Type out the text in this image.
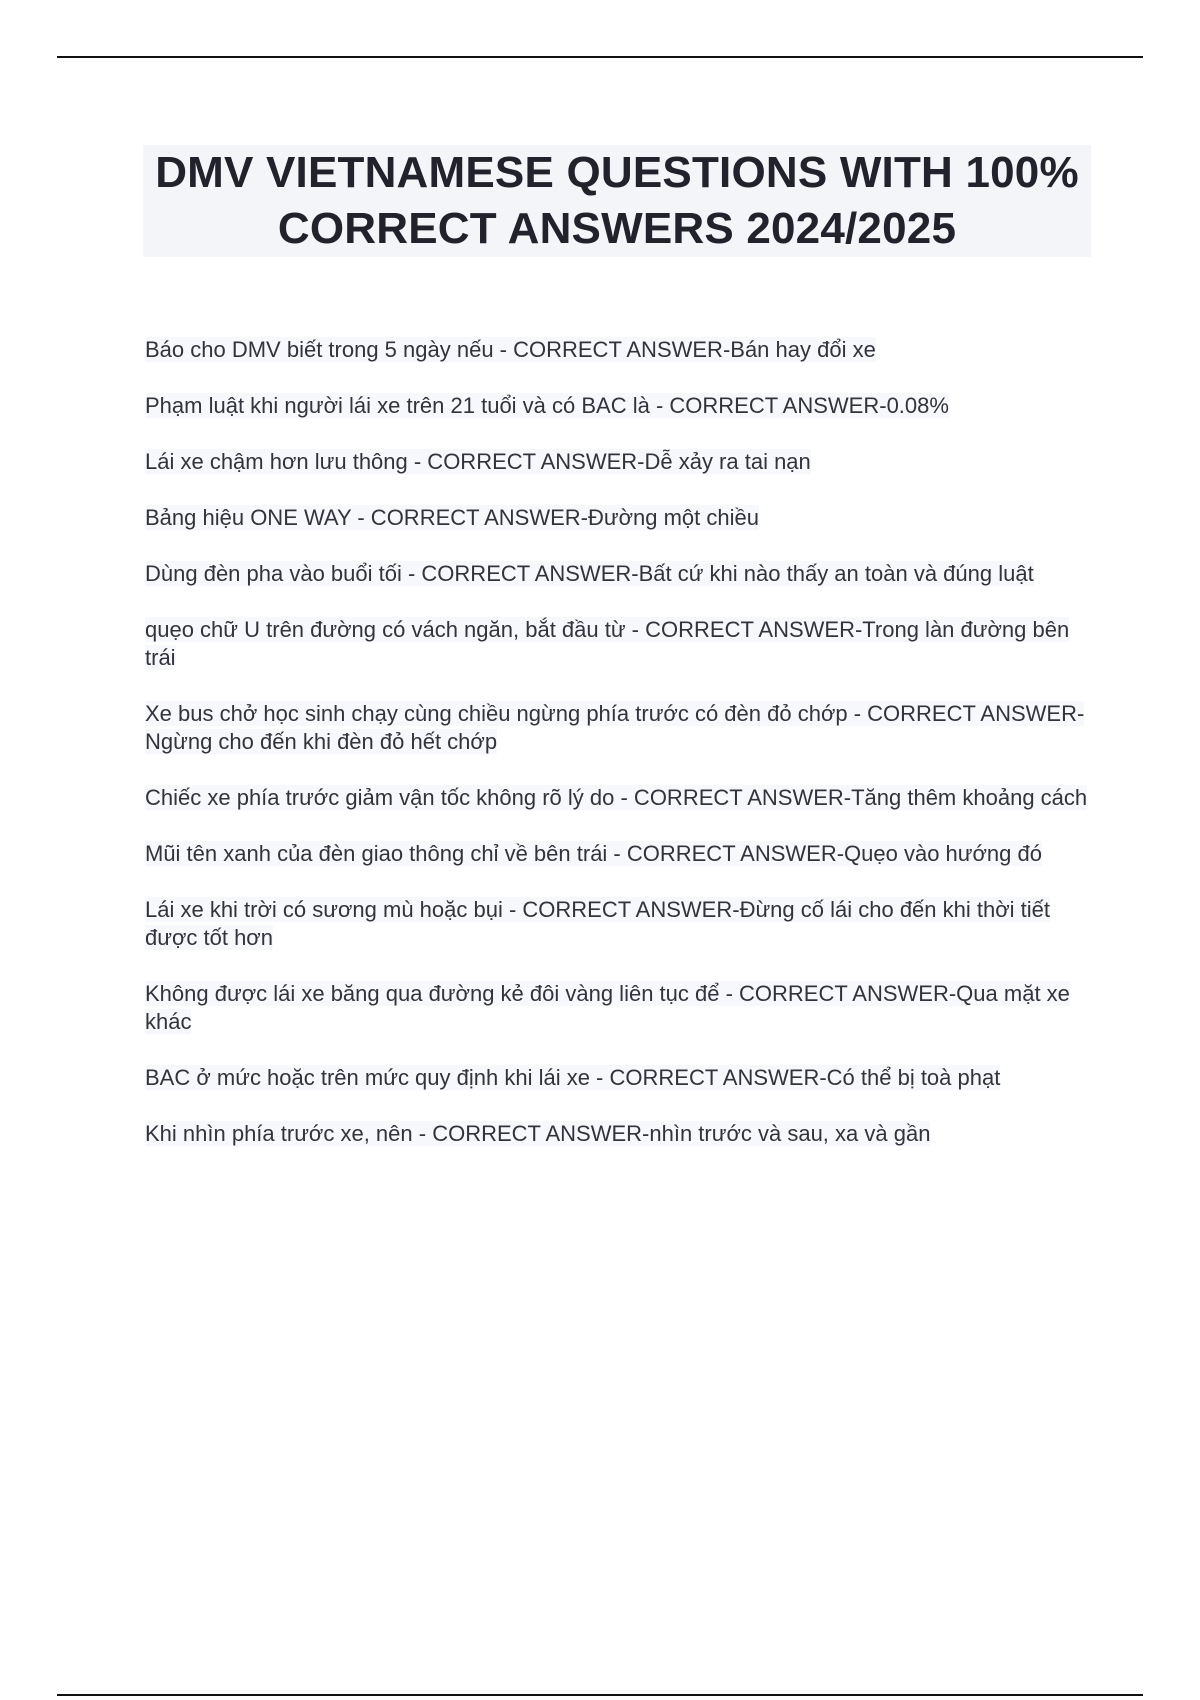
DMV VIETNAMESE QUESTIONS WITH 100% CORRECT ANSWERS 2024/2025
Báo cho DMV biết trong 5 ngày nếu - CORRECT ANSWER-Bán hay đổi xe
Phạm luật khi người lái xe trên 21 tuổi và có BAC là - CORRECT ANSWER-0.08%
Lái xe chậm hơn lưu thông - CORRECT ANSWER-Dễ xảy ra tai nạn
Bảng hiệu ONE WAY - CORRECT ANSWER-Đường một chiều
Dùng đèn pha vào buổi tối - CORRECT ANSWER-Bất cứ khi nào thấy an toàn và đúng luật
quẹo chữ U trên đường có vách ngăn, bắt đầu từ - CORRECT ANSWER-Trong làn đường bên trái
Xe bus chở học sinh chạy cùng chiều ngừng phía trước có đèn đỏ chớp - CORRECT ANSWER-Ngừng cho đến khi đèn đỏ hết chớp
Chiếc xe phía trước giảm vận tốc không rõ lý do - CORRECT ANSWER-Tăng thêm khoảng cách
Mũi tên xanh của đèn giao thông chỉ về bên trái - CORRECT ANSWER-Quẹo vào hướng đó
Lái xe khi trời có sương mù hoặc bụi - CORRECT ANSWER-Đừng cố lái cho đến khi thời tiết được tốt hơn
Không được lái xe băng qua đường kẻ đôi vàng liên tục để - CORRECT ANSWER-Qua mặt xe khác
BAC ở mức hoặc trên mức quy định khi lái xe - CORRECT ANSWER-Có thể bị toà phạt
Khi nhìn phía trước xe, nên - CORRECT ANSWER-nhìn trước và sau, xa và gần
